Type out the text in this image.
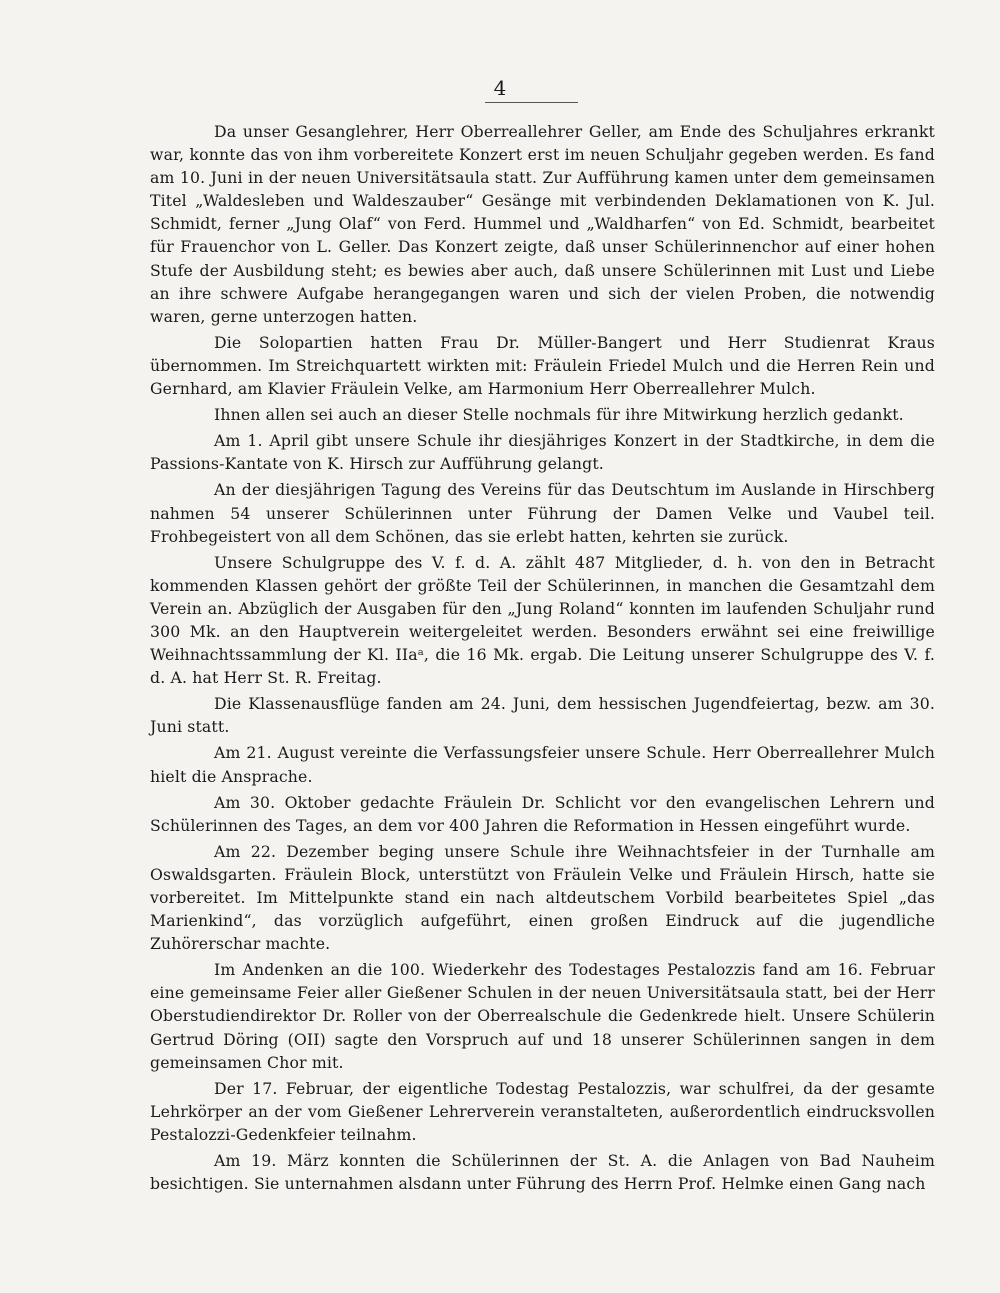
4

Da unser Gesanglehrer, Herr Oberreallehrer Geller, am Ende des Schuljahres erkrankt war, konnte das von ihm vorbereitete Konzert erst im neuen Schuljahr gegeben werden. Es fand am 10. Juni in der neuen Universitätsaula statt. Zur Aufführung kamen unter dem gemeinsamen Titel „Waldesleben und Waldeszauber“ Gesänge mit verbindenden Deklamationen von K. Jul. Schmidt, ferner „Jung Olaf“ von Ferd. Hummel und „Waldharfen“ von Ed. Schmidt, bearbeitet für Frauenchor von L. Geller. Das Konzert zeigte, daß unser Schülerinnenchor auf einer hohen Stufe der Ausbildung steht; es bewies aber auch, daß unsere Schülerinnen mit Lust und Liebe an ihre schwere Aufgabe herangegangen waren und sich der vielen Proben, die notwendig waren, gerne unterzogen hatten.

Die Solopartien hatten Frau Dr. Müller-Bangert und Herr Studienrat Kraus übernommen. Im Streichquartett wirkten mit: Fräulein Friedel Mulch und die Herren Rein und Gernhard, am Klavier Fräulein Velke, am Harmonium Herr Oberreallehrer Mulch.

Ihnen allen sei auch an dieser Stelle nochmals für ihre Mitwirkung herzlich gedankt.

Am 1. April gibt unsere Schule ihr diesjähriges Konzert in der Stadtkirche, in dem die Passions-Kantate von K. Hirsch zur Aufführung gelangt.

An der diesjährigen Tagung des Vereins für das Deutschtum im Auslande in Hirschberg nahmen 54 unserer Schülerinnen unter Führung der Damen Velke und Vaubel teil. Frohbegeistert von all dem Schönen, das sie erlebt hatten, kehrten sie zurück.

Unsere Schulgruppe des V. f. d. A. zählt 487 Mitglieder, d. h. von den in Betracht kommenden Klassen gehört der größte Teil der Schülerinnen, in manchen die Gesamtzahl dem Verein an. Abzüglich der Ausgaben für den „Jung Roland“ konnten im laufenden Schuljahr rund 300 Mk. an den Hauptverein weitergeleitet werden. Besonders erwähnt sei eine freiwillige Weihnachtssammlung der Kl. IIaᵃ, die 16 Mk. ergab. Die Leitung unserer Schulgruppe des V. f. d. A. hat Herr St. R. Freitag.

Die Klassenausflüge fanden am 24. Juni, dem hessischen Jugendfeiertag, bezw. am 30. Juni statt.

Am 21. August vereinte die Verfassungsfeier unsere Schule. Herr Oberreallehrer Mulch hielt die Ansprache.

Am 30. Oktober gedachte Fräulein Dr. Schlicht vor den evangelischen Lehrern und Schülerinnen des Tages, an dem vor 400 Jahren die Reformation in Hessen eingeführt wurde.

Am 22. Dezember beging unsere Schule ihre Weihnachtsfeier in der Turnhalle am Oswaldsgarten. Fräulein Block, unterstützt von Fräulein Velke und Fräulein Hirsch, hatte sie vorbereitet. Im Mittelpunkte stand ein nach altdeutschem Vorbild bearbeitetes Spiel „das Marienkind“, das vorzüglich aufgeführt, einen großen Eindruck auf die jugendliche Zuhörerschar machte.

Im Andenken an die 100. Wiederkehr des Todestages Pestalozzis fand am 16. Februar eine gemeinsame Feier aller Gießener Schulen in der neuen Universitätsaula statt, bei der Herr Oberstudiendirektor Dr. Roller von der Oberrealschule die Gedenkrede hielt. Unsere Schülerin Gertrud Döring (OII) sagte den Vorspruch auf und 18 unserer Schülerinnen sangen in dem gemeinsamen Chor mit.

Der 17. Februar, der eigentliche Todestag Pestalozzis, war schulfrei, da der gesamte Lehrkörper an der vom Gießener Lehrerverein veranstalteten, außerordentlich eindrucksvollen Pestalozzi-Gedenkfeier teilnahm.

Am 19. März konnten die Schülerinnen der St. A. die Anlagen von Bad Nauheim besichtigen. Sie unternahmen alsdann unter Führung des Herrn Prof. Helmke einen Gang nach
